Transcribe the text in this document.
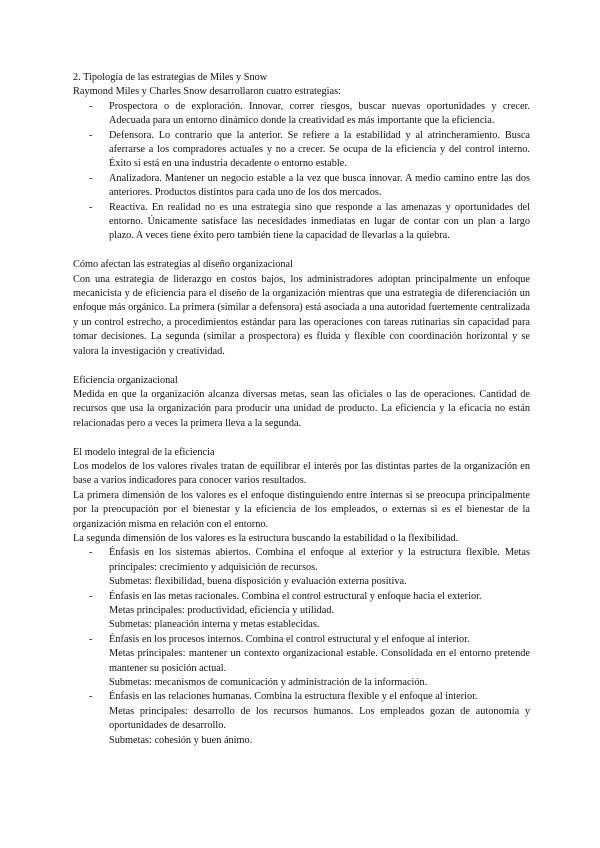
2. Tipología de las estrategias de Miles y Snow

Raymond Miles y Charles Snow desarrollaron cuatro estrategias:

- Prospectora o de exploración. Innovar, correr riesgos, buscar nuevas oportunidades y crecer. Adecuada para un entorno dinámico donde la creatividad es más importante que la eficiencia.
- Defensora. Lo contrario que la anterior. Se refiere a la estabilidad y al atrincheramiento. Busca aferrarse a los compradores actuales y no a crecer. Se ocupa de la eficiencia y del control interno. Éxito si está en una industria decadente o entorno estable.
- Analizadora. Mantener un negocio estable a la vez que busca innovar. A medio camino entre las dos anteriores. Productos distintos para cada uno de los dos mercados.
- Reactiva. En realidad no es una estrategia sino que responde a las amenazas y oportunidades del entorno. Únicamente satisface las necesidades inmediatas en lugar de contar con un plan a largo plazo. A veces tiene éxito pero también tiene la capacidad de llevarlas a la quiebra.

Cómo afectan las estrategias al diseño organizacional

Con una estrategia de liderazgo en costos bajos, los administradores adoptan principalmente un enfoque mecanicista y de eficiencia para el diseño de la organización mientras que una estrategia de diferenciación un enfoque más orgánico. La primera (similar a defensora) está asociada a una autoridad fuertemente centralizada y un control estrecho, a procedimientos estándar para las operaciones con tareas rutinarias sin capacidad para tomar decisiones. La segunda (similar a prospectora) es fluida y flexible con coordinación horizontal y se valora la investigación y creatividad.

Eficiencia organizacional

Medida en que la organización alcanza diversas metas, sean las oficiales o las de operaciones. Cantidad de recursos que usa la organización para producir una unidad de producto. La eficiencia y la eficacia no están relacionadas pero a veces la primera lleva a la segunda.

El modelo integral de la eficiencia

Los modelos de los valores rivales tratan de equilibrar el interés por las distintas partes de la organización en base a varios indicadores para conocer varios resultados.

La primera dimensión de los valores es el enfoque distinguiendo entre internas si se preocupa principalmente por la preocupación por el bienestar y la eficiencia de los empleados, o externas si es el bienestar de la organización misma en relación con el entorno.

La segunda dimensión de los valores es la estructura buscando la estabilidad o la flexibilidad.

- Énfasis en los sistemas abiertos. Combina el enfoque al exterior y la estructura flexible. Metas principales: crecimiento y adquisición de recursos.
Submetas: flexibilidad, buena disposición y evaluación externa positiva.
- Énfasis en las metas racionales. Combina el control estructural y enfoque hacia el exterior.
Metas principales: productividad, eficiencia y utilidad.
Submetas: planeación interna y metas establecidas.
- Énfasis en los procesos internos. Combina el control estructural y el enfoque al interior.
Metas principales: mantener un contexto organizacional estable. Consolidada en el entorno pretende mantener su posición actual.
Submetas: mecanismos de comunicación y administración de la información.
- Énfasis en las relaciones humanas. Combina la estructura flexible y el enfoque al interior.
Metas principales: desarrollo de los recursos humanos. Los empleados gozan de autonomía y oportunidades de desarrollo.
Submetas: cohesión y buen ánimo.
